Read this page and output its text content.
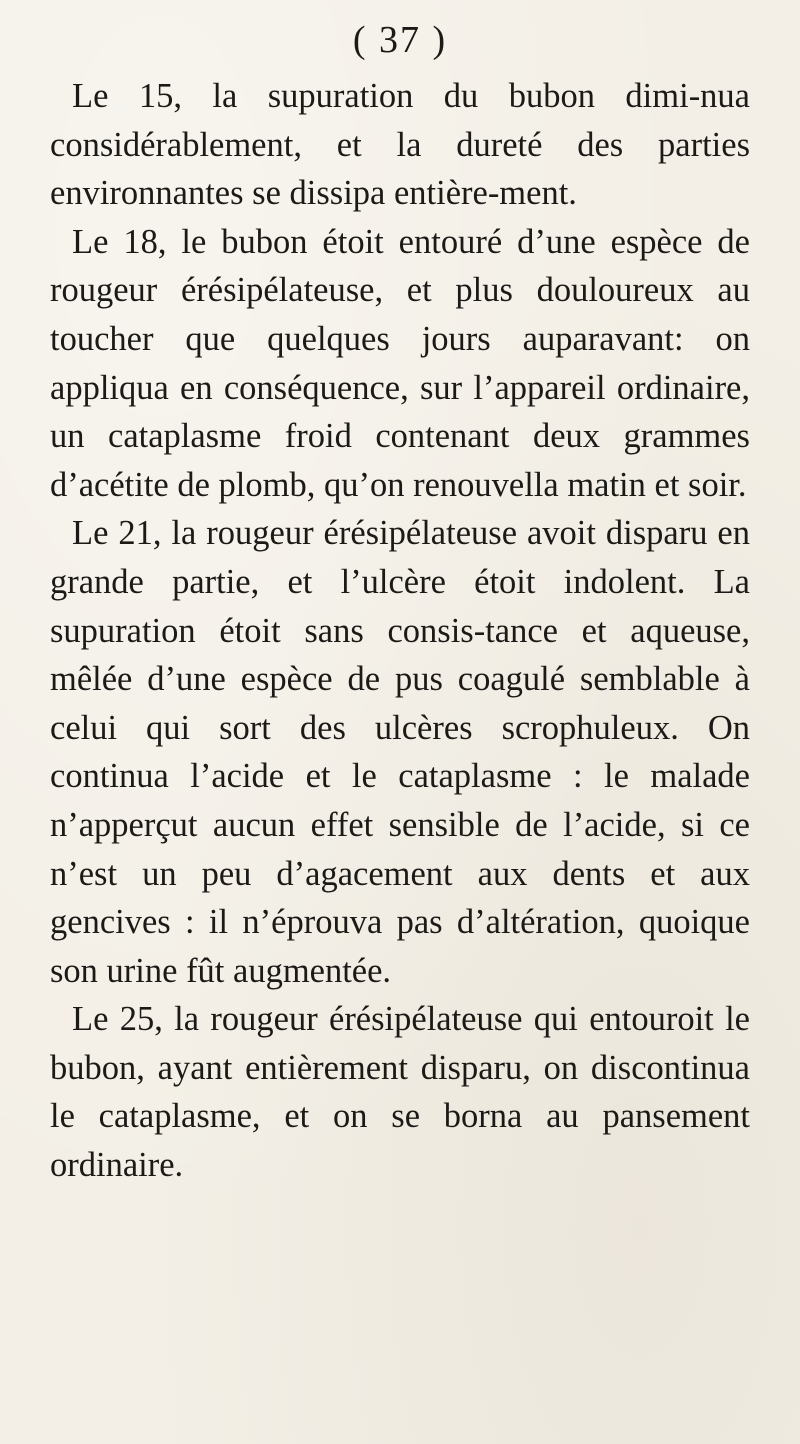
( 37 )

Le 15, la supuration du bubon dimi-nua considérablement, et la dureté des parties environnantes se dissipa entière-ment.

Le 18, le bubon étoit entouré d’une espèce de rougeur érésipélateuse, et plus douloureux au toucher que quelques jours auparavant: on appliqua en conséquence, sur l’appareil ordinaire, un cataplasme froid contenant deux grammes d’acétite de plomb, qu’on renouvella matin et soir.

Le 21, la rougeur érésipélateuse avoit disparu en grande partie, et l’ulcère étoit indolent. La supuration étoit sans consis-tance et aqueuse, mêlée d’une espèce de pus coagulé semblable à celui qui sort des ulcères scrophuleux. On continua l’acide et le cataplasme : le malade n’apperçut aucun effet sensible de l’acide, si ce n’est un peu d’agacement aux dents et aux gencives : il n’éprouva pas d’altération, quoique son urine fût augmentée.

Le 25, la rougeur érésipélateuse qui entouroit le bubon, ayant entièrement disparu, on discontinua le cataplasme, et on se borna au pansement ordinaire.
